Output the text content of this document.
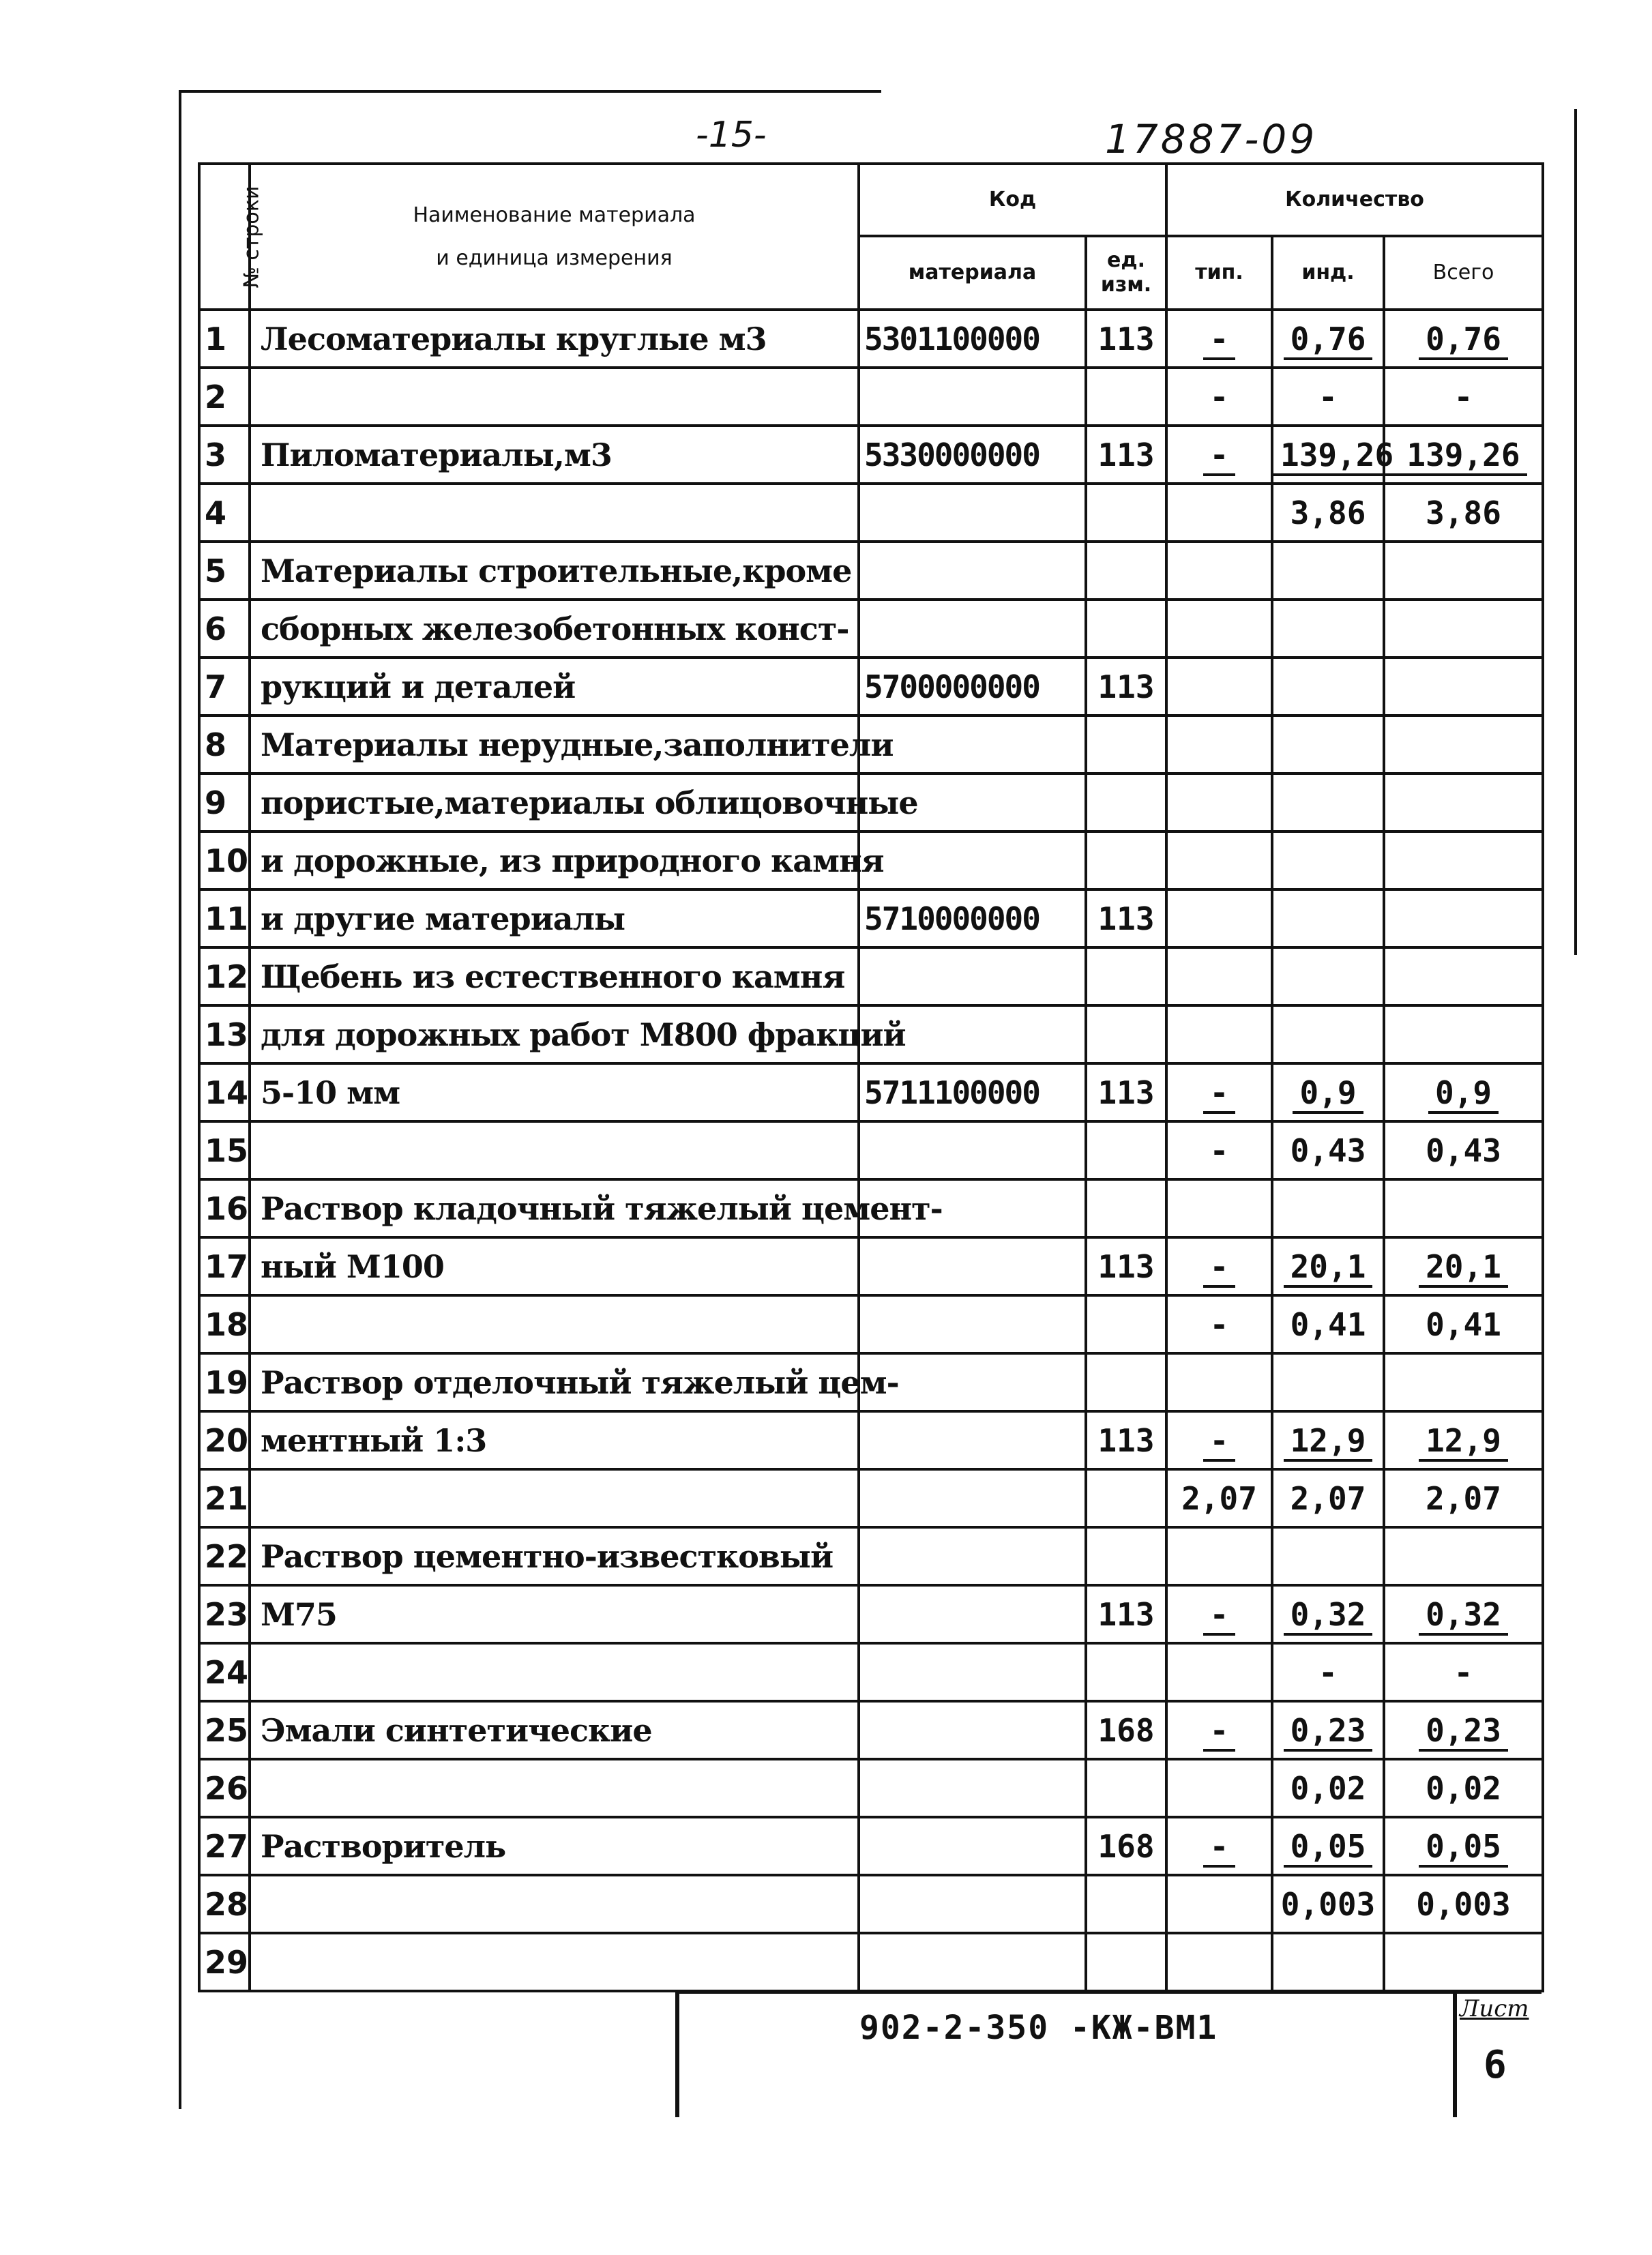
-15-	17887-09
№ строки	Наименование материала
и единица измерения	Код		Количество		
		материала	ед. изм.	тип.	инд.	Всего
1	Лесоматериалы круглые м3	5301100000	113	-	0,76	0,76
2				-	-	-
3	Пиломатериалы,м3	5330000000	113	-	139,26	139,26
4					3,86	3,86
5	Материалы строительные,кроме					
6	сборных железобетонных конст-					
7	рукций и деталей	5700000000	113			
8	Материалы нерудные,заполнители					
9	пористые,материалы облицовочные					
10	и дорожные, из природного камня					
11	и другие материалы	5710000000	113			
12	Щебень из естественного камня					
13	для дорожных работ М800 фракций					
14	5-10 мм	5711100000	113	-	0,9	0,9
15				-	0,43	0,43
16	Раствор кладочный тяжелый цемент-					
17	ный М100		113	-	20,1	20,1
18				-	0,41	0,41
19	Раствор отделочный тяжелый цем-					
20	ментный 1:3		113	-	12,9	12,9
21				2,07	2,07	2,07
22	Раствор цементно-известковый					
23	М75		113	-	0,32	0,32
24					-	-
25	Эмали синтетические		168	-	0,23	0,23
26					0,02	0,02
27	Растворитель		168	-	0,05	0,05
28					0,003	0,003
29						
902-2-350 -КЖ-ВМ1	Лист
6
